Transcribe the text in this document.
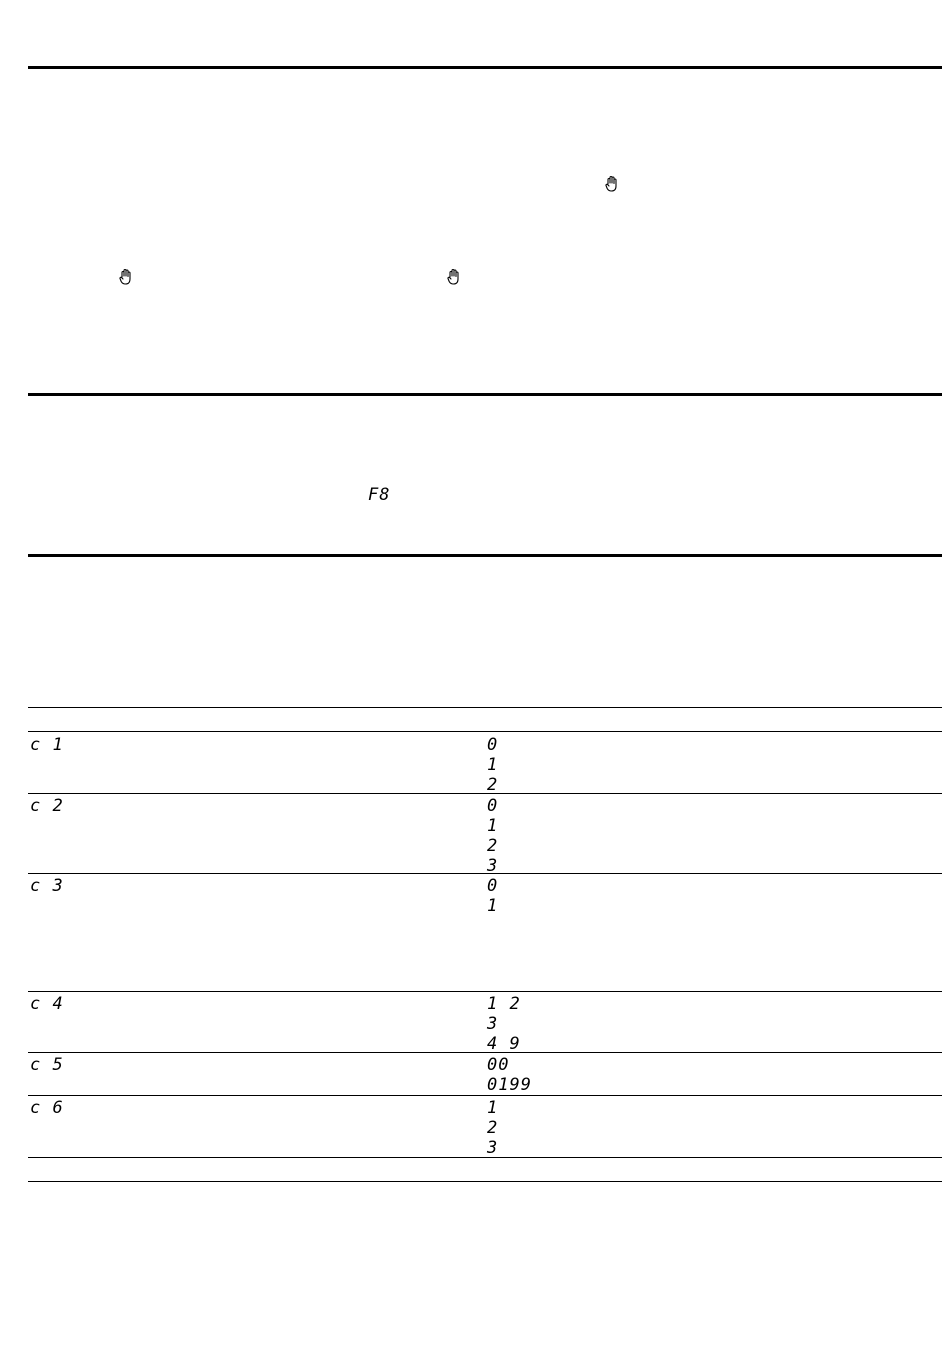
F8
c 1	0
1
2
c 2	0
1
2
3
c 3	0
1
c 4	1 2
3
4 9
c 5	00
0199
c 6	1
2
3
